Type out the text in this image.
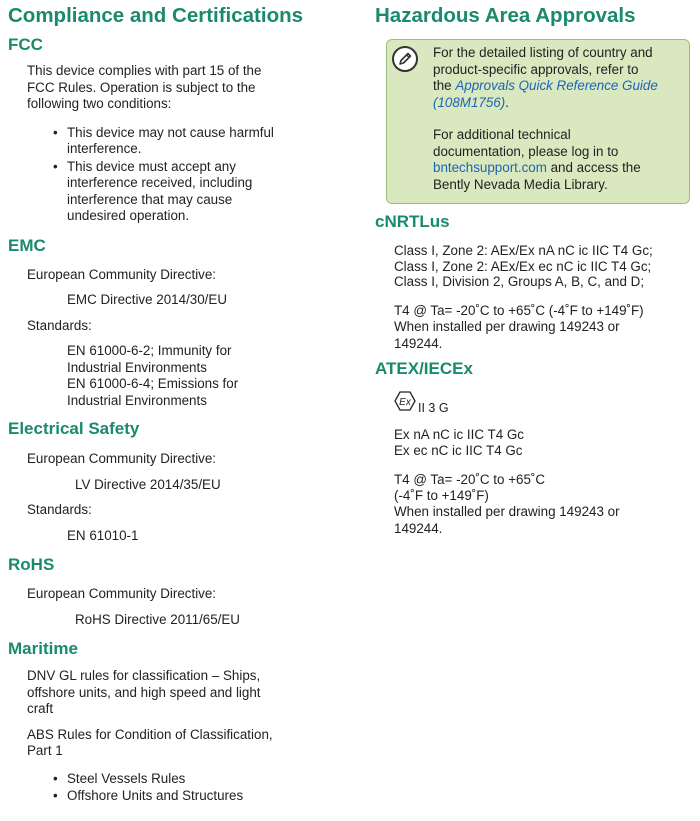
Compliance and Certifications
FCC

This device complies with part 15 of the

FCC Rules. Operation is subject to the

following two conditions:

• This device may not cause harmful
interference.
• This device must accept any
interference received, including
interference that may cause
undesired operation.
EMC

European Community Directive:

EMC Directive 2014/30/EU

Standards:

EN 61000-6-2; Immunity for

Industrial Environments

EN 61000-6-4; Emissions for

Industrial Environments

Electrical Safety

European Community Directive:

LV Directive 2014/35/EU

Standards:

EN 61010-1

RoHS

European Community Directive:

RoHS Directive 2011/65/EU

Maritime

DNV GL rules for classification – Ships,

offshore units, and high speed and light

craft

ABS Rules for Condition of Classification,

Part 1

• Steel Vessels Rules
• Offshore Units and Structures
Hazardous Area Approvals

For the detailed listing of country and

product-specific approvals, refer to

the Approvals Quick Reference Guide

(108M1756).

For additional technical

documentation, please log in to

bntechsupport.com and access the

Bently Nevada Media Library.

cNRTLus

Class I, Zone 2: AEx/Ex nA nC ic IIC T4 Gc;

Class I, Zone 2: AEx/Ex ec nC ic IIC T4 Gc;

Class I, Division 2, Groups A, B, C, and D;

T4 @ Ta= -20˚C to +65˚C (-4˚F to +149˚F)

When installed per drawing 149243 or

149244.

ATEX/IECEx

Ex II 3 G

Ex nA nC ic IIC T4 Gc

Ex ec nC ic IIC T4 Gc

T4 @ Ta= -20˚C to +65˚C

(-4˚F to +149˚F)

When installed per drawing 149243 or

149244.
